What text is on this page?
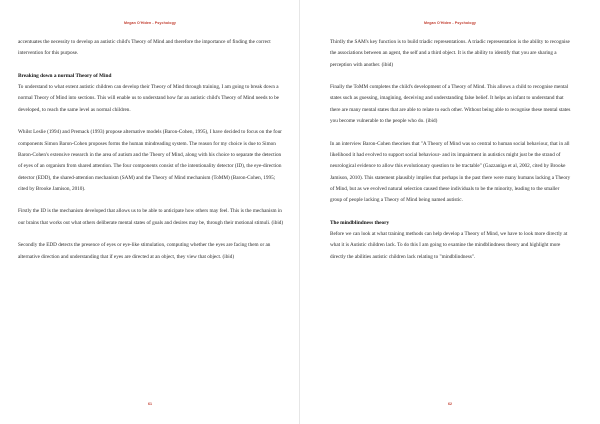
Megan O'Hiden - Psychology

accentuates the necessity to develop an autistic child's Theory of Mind and therefore the importance of finding the correct intervention for this purpose.

Breaking down a normal Theory of Mind

To understand to what extent autistic children can develop their Theory of Mind through training, I am going to break down a normal Theory of Mind into sections. This will enable us to understand how far an autistic child's Theory of Mind needs to be developed, to reach the same level as normal children.

Whilst Leslie (1994) and Premack (1993) propose alternative models (Baron-Cohen, 1995), I have decided to focus on the four components Simon Baron-Cohen proposes forms the human mindreading system. The reason for my choice is due to Simon Baron-Cohen's extensive research in the area of autism and the Theory of Mind, along with his choice to separate the detection of eyes of an organism from shared attention. The four components consist of the intentionality detector (ID), the eye-direction detector (EDD), the shared-attention mechanism (SAM) and the Theory of Mind mechanism (ToMM) (Baron-Cohen, 1995; cited by Brooke Jamison, 2010).

Firstly the ID is the mechanism developed that allows us to be able to anticipate how others may feel. This is the mechanism in our brains that works out what others deliberate mental states of goals and desires may be, through their motional stimuli. (ibid)

Secondly the EDD detects the presence of eyes or eye-like stimulation, computing whether the eyes are facing them or an alternative direction and understanding that if eyes are directed at an object, they view that object. (ibid)

61
Megan O'Hiden - Psychology

Thirdly the SAM's key function is to build triadic representations. A triadic representation is the ability to recognise the associations between an agent, the self and a third object. It is the ability to identify that you are sharing a perception with another. (ibid)

Finally the ToMM completes the child's development of a Theory of Mind. This allows a child to recognise mental states such as guessing, imagining, deceiving and understanding false belief. It helps an infant to understand that there are many mental states that are able to relate to each other. Without being able to recognise these mental states you become vulnerable to the people who do. (ibid)

In an interview Baron-Cohen theorises that "A Theory of Mind was so central to human social behaviour, that in all likelihood it had evolved to support social behaviour- and its impairment in autistics might just be the strand of neurological evidence to allow this evolutionary question to be tractable" (Gazzaniga et al, 2002, cited by Brooke Jamison, 2010). This statement plausibly implies that perhaps in the past there were many humans lacking a Theory of Mind, but as we evolved natural selection caused these individuals to be the minority, leading to the smaller group of people lacking a Theory of Mind being named autistic.

The mindblindness theory

Before we can look at what training methods can help develop a Theory of Mind, we have to look more directly at what it is Autistic children lack. To do this I am going to examine the mindblindness theory and highlight more directly the abilities autistic children lack relating to "mindblindness".

62
